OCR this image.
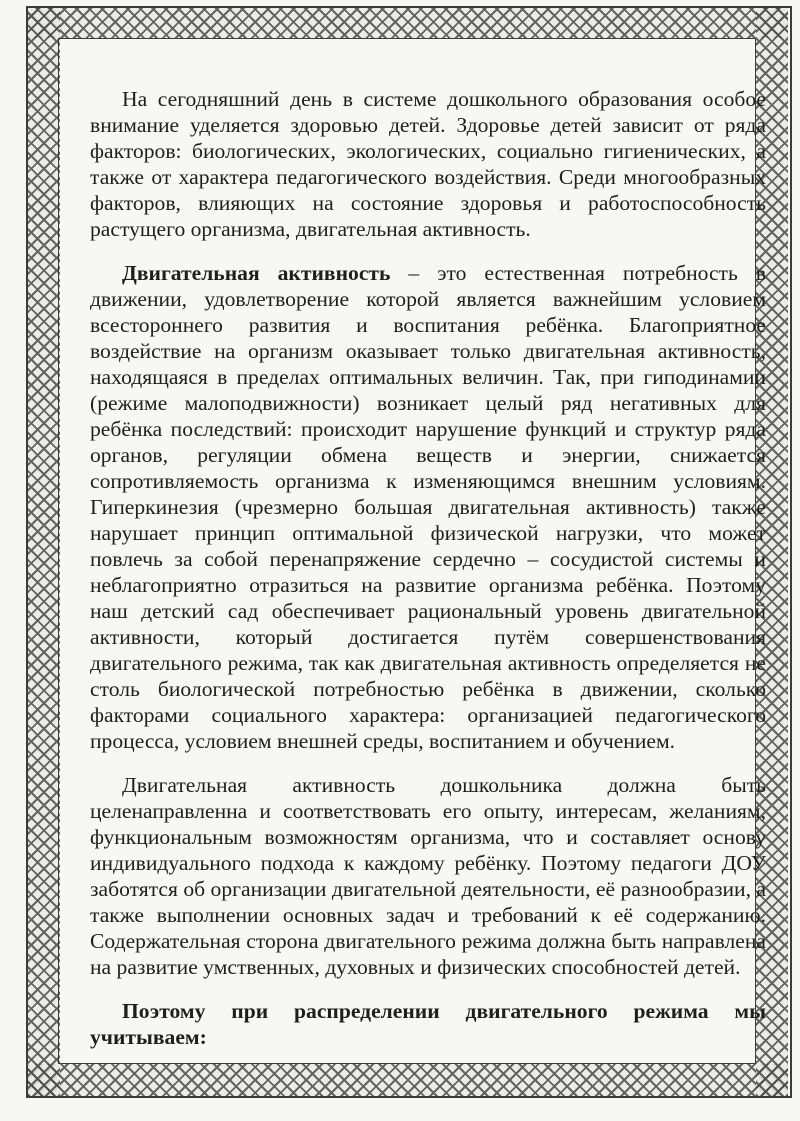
На сегодняшний день в системе дошкольного образования особое внимание уделяется здоровью детей. Здоровье детей зависит от ряда факторов: биологических, экологических, социально гигиенических, а также от характера педагогического воздействия. Среди многообразных факторов, влияющих на состояние здоровья и работоспособность растущего организма, двигательная активность.

Двигательная активность – это естественная потребность в движении, удовлетворение которой является важнейшим условием всестороннего развития и воспитания ребёнка. Благоприятное воздействие на организм оказывает только двигательная активность, находящаяся в пределах оптимальных величин. Так, при гиподинамии (режиме малоподвижности) возникает целый ряд негативных для ребёнка последствий: происходит нарушение функций и структур ряда органов, регуляции обмена веществ и энергии, снижается сопротивляемость организма к изменяющимся внешним условиям. Гиперкинезия (чрезмерно большая двигательная активность) также нарушает принцип оптимальной физической нагрузки, что может повлечь за собой перенапряжение сердечно – сосудистой системы и неблагоприятно отразиться на развитие организма ребёнка. Поэтому наш детский сад обеспечивает рациональный уровень двигательной активности, который достигается путём совершенствования двигательного режима, так как двигательная активность определяется не столь биологической потребностью ребёнка в движении, сколько факторами социального характера: организацией педагогического процесса, условием внешней среды, воспитанием и обучением.

Двигательная активность дошкольника должна быть целенаправленна и соответствовать его опыту, интересам, желаниям, функциональным возможностям организма, что и составляет основу индивидуального подхода к каждому ребёнку. Поэтому педагоги ДОУ заботятся об организации двигательной деятельности, её разнообразии, а также выполнении основных задач и требований к её содержанию. Содержательная сторона двигательного режима должна быть направлена на развитие умственных, духовных и физических способностей детей.

Поэтому при распределении двигательного режима мы учитываем:
